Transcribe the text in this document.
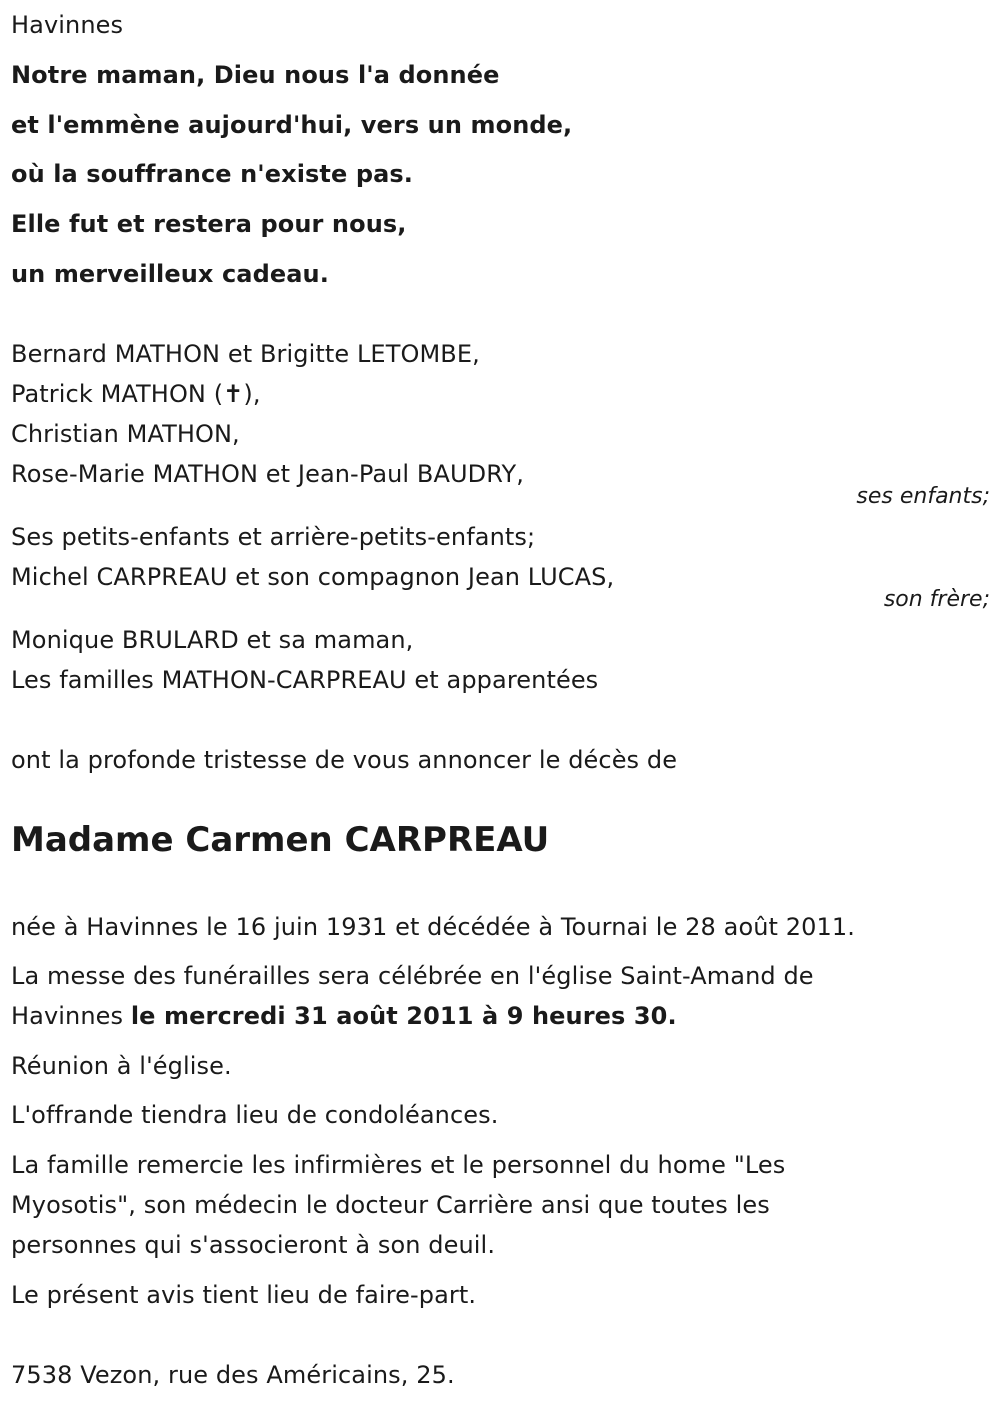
Havinnes
Notre maman, Dieu nous l'a donnée
et l'emmène aujourd'hui, vers un monde,
où la souffrance n'existe pas.
Elle fut et restera pour nous,
un merveilleux cadeau.
Bernard MATHON et Brigitte LETOMBE,
Patrick MATHON (✝),
Christian MATHON,
Rose-Marie MATHON et Jean-Paul BAUDRY,
ses enfants;
Ses petits-enfants et arrière-petits-enfants;
Michel CARPREAU et son compagnon Jean LUCAS,
son frère;
Monique BRULARD et sa maman,
Les familles MATHON-CARPREAU et apparentées
ont la profonde tristesse de vous annoncer le décès de
Madame Carmen CARPREAU
née à Havinnes le 16 juin 1931 et décédée à Tournai le 28 août 2011.
La messe des funérailles sera célébrée en l'église Saint-Amand de
Havinnes le mercredi 31 août 2011 à 9 heures 30.
Réunion à l'église.
L'offrande tiendra lieu de condoléances.
La famille remercie les infirmières et le personnel du home "Les
Myosotis", son médecin le docteur Carrière ansi que toutes les
personnes qui s'associeront à son deuil.
Le présent avis tient lieu de faire-part.
7538 Vezon, rue des Américains, 25.
